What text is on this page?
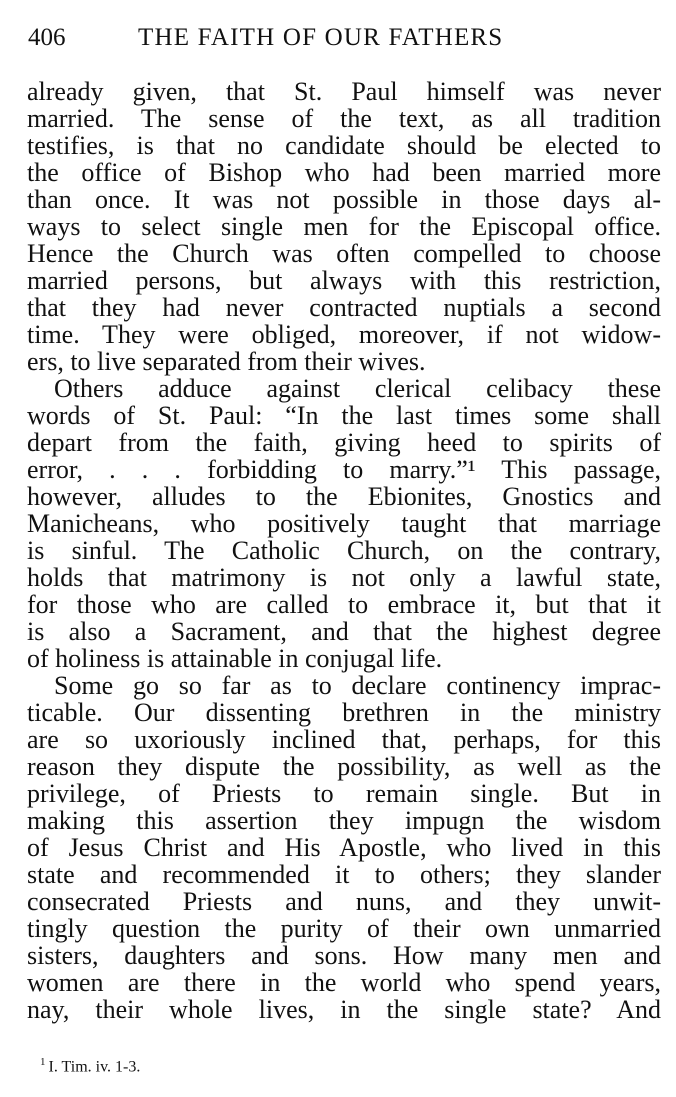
406	THE FAITH OF OUR FATHERS
already given, that St. Paul himself was never
married. The sense of the text, as all tradition
testifies, is that no candidate should be elected to
the office of Bishop who had been married more
than once. It was not possible in those days al-
ways to select single men for the Episcopal office.
Hence the Church was often compelled to choose
married persons, but always with this restriction,
that they had never contracted nuptials a second
time. They were obliged, moreover, if not widow-
ers, to live separated from their wives.
Others adduce against clerical celibacy these
words of St. Paul: “In the last times some shall
depart from the faith, giving heed to spirits of
error, . . . forbidding to marry.”¹ This passage,
however, alludes to the Ebionites, Gnostics and
Manicheans, who positively taught that marriage
is sinful. The Catholic Church, on the contrary,
holds that matrimony is not only a lawful state,
for those who are called to embrace it, but that it
is also a Sacrament, and that the highest degree
of holiness is attainable in conjugal life.
Some go so far as to declare continency imprac-
ticable. Our dissenting brethren in the ministry
are so uxoriously inclined that, perhaps, for this
reason they dispute the possibility, as well as the
privilege, of Priests to remain single. But in
making this assertion they impugn the wisdom
of Jesus Christ and His Apostle, who lived in this
state and recommended it to others; they slander
consecrated Priests and nuns, and they unwit-
tingly question the purity of their own unmarried
sisters, daughters and sons. How many men and
women are there in the world who spend years,
nay, their whole lives, in the single state? And
$^1$ I. Tim. iv. 1-3.
